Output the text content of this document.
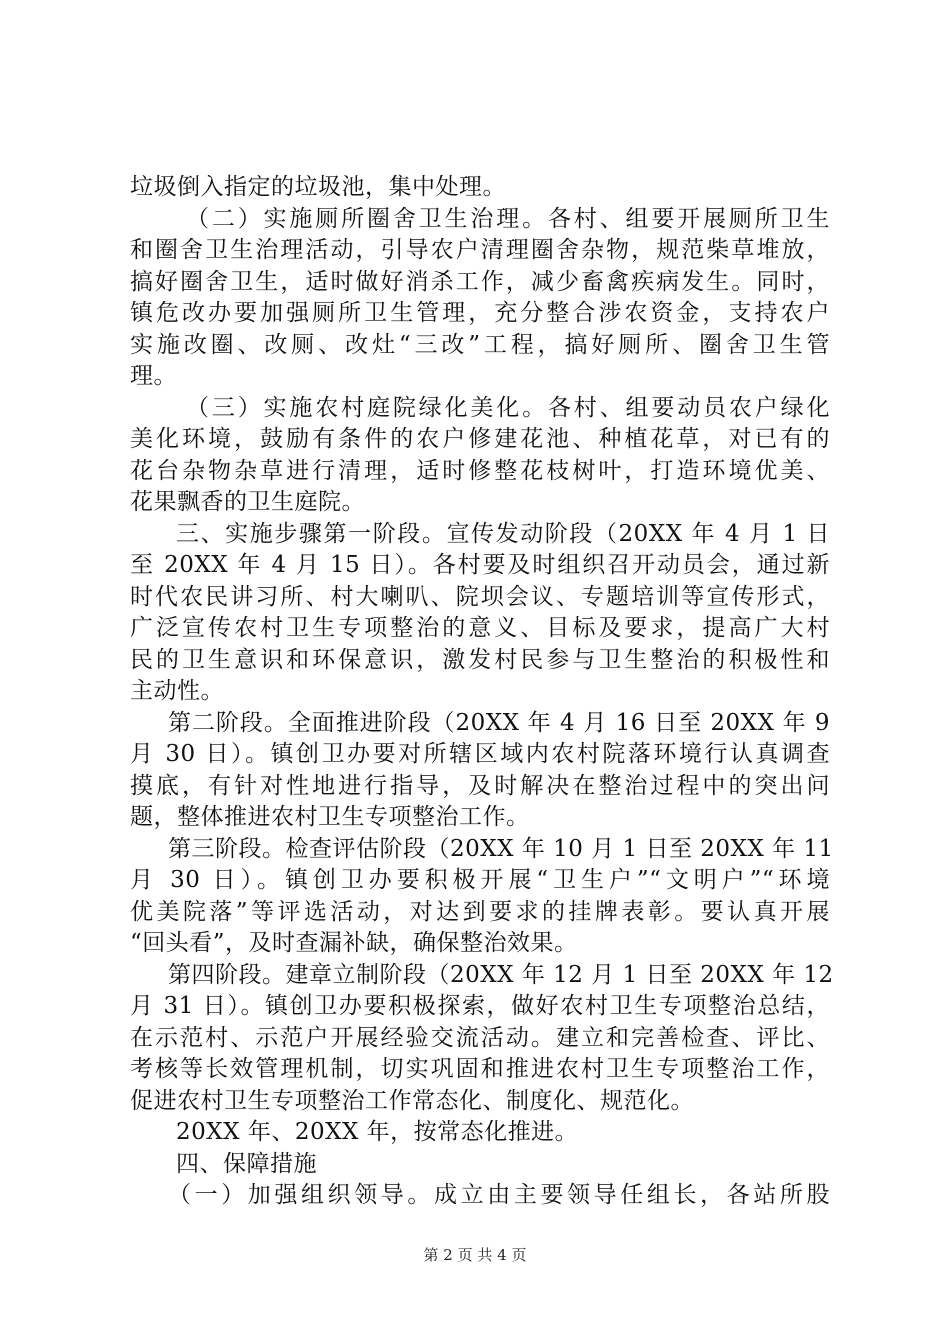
垃圾倒入指定的垃圾池，集中处理。
（二）实施厕所圈舍卫生治理。各村、组要开展厕所卫生
和圈舍卫生治理活动，引导农户清理圈舍杂物，规范柴草堆放，
搞好圈舍卫生，适时做好消杀工作，减少畜禽疾病发生。同时，
镇危改办要加强厕所卫生管理，充分整合涉农资金，支持农户
实施改圈、改厕、改灶“三改”工程，搞好厕所、圈舍卫生管
理。
（三）实施农村庭院绿化美化。各村、组要动员农户绿化
美化环境，鼓励有条件的农户修建花池、种植花草，对已有的
花台杂物杂草进行清理，适时修整花枝树叶，打造环境优美、
花果飘香的卫生庭院。
三、实施步骤第一阶段。宣传发动阶段（20XX 年 4 月 1 日
至 20XX 年 4 月 15 日）。各村要及时组织召开动员会，通过新
时代农民讲习所、村大喇叭、院坝会议、专题培训等宣传形式，
广泛宣传农村卫生专项整治的意义、目标及要求，提高广大村
民的卫生意识和环保意识，激发村民参与卫生整治的积极性和
主动性。
第二阶段。全面推进阶段（20XX 年 4 月 16 日至 20XX 年 9
月 30 日）。镇创卫办要对所辖区域内农村院落环境行认真调查
摸底，有针对性地进行指导，及时解决在整治过程中的突出问
题，整体推进农村卫生专项整治工作。
第三阶段。检查评估阶段（20XX 年 10 月 1 日至 20XX 年 11
月 30 日）。镇创卫办要积极开展“卫生户”“文明户”“环境
优美院落”等评选活动，对达到要求的挂牌表彰。要认真开展
“回头看”，及时查漏补缺，确保整治效果。
第四阶段。建章立制阶段（20XX 年 12 月 1 日至 20XX 年 12
月 31 日）。镇创卫办要积极探索，做好农村卫生专项整治总结，
在示范村、示范户开展经验交流活动。建立和完善检查、评比、
考核等长效管理机制，切实巩固和推进农村卫生专项整治工作，
促进农村卫生专项整治工作常态化、制度化、规范化。
20XX 年、20XX 年，按常态化推进。
四、保障措施
（一）加强组织领导。成立由主要领导任组长，各站所股
第 2 页 共 4 页
